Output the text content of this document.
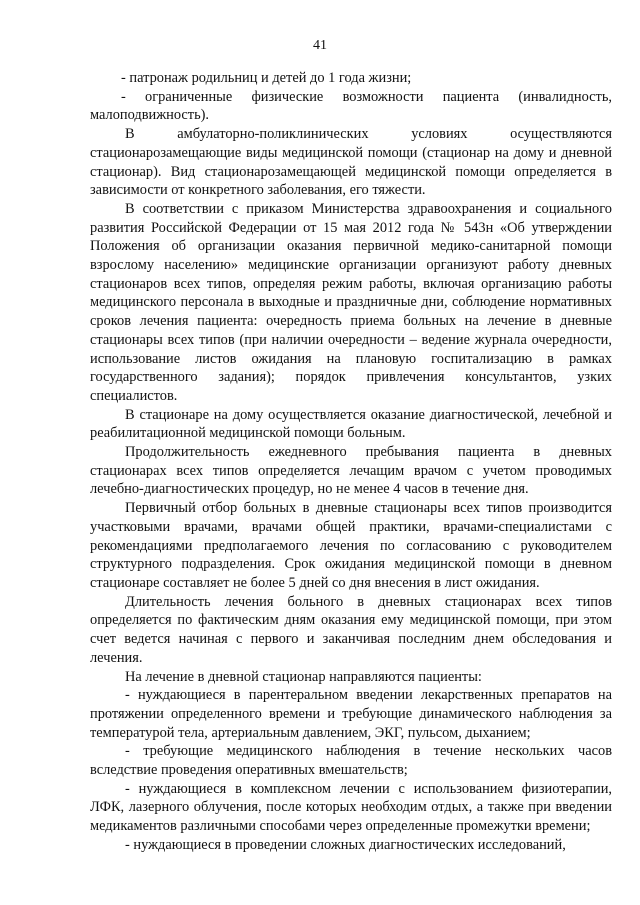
41

- патронаж родильниц и детей до 1 года жизни;

- ограниченные физические возможности пациента (инвалидность, малоподвижность).

В амбулаторно-поликлинических условиях осуществляются стационарозамещающие виды медицинской помощи (стационар на дому и дневной стационар). Вид стационарозамещающей медицинской помощи определяется в зависимости от конкретного заболевания, его тяжести.

В соответствии с приказом Министерства здравоохранения и социального развития Российской Федерации от 15 мая 2012 года № 543н «Об утверждении Положения об организации оказания первичной медико-санитарной помощи взрослому населению» медицинские организации организуют работу дневных стационаров всех типов, определяя режим работы, включая организацию работы медицинского персонала в выходные и праздничные дни, соблюдение нормативных сроков лечения пациента: очередность приема больных на лечение в дневные стационары всех типов (при наличии очередности – ведение журнала очередности, использование листов ожидания на плановую госпитализацию в рамках государственного задания); порядок привлечения консультантов, узких специалистов.

В стационаре на дому осуществляется оказание диагностической, лечебной и реабилитационной медицинской помощи больным.

Продолжительность ежедневного пребывания пациента в дневных стационарах всех типов определяется лечащим врачом с учетом проводимых лечебно-диагностических процедур, но не менее 4 часов в течение дня.

Первичный отбор больных в дневные стационары всех типов производится участковыми врачами, врачами общей практики, врачами-специалистами с рекомендациями предполагаемого лечения по согласованию с руководителем структурного подразделения. Срок ожидания медицинской помощи в дневном стационаре составляет не более 5 дней со дня внесения в лист ожидания.

Длительность лечения больного в дневных стационарах всех типов определяется по фактическим дням оказания ему медицинской помощи, при этом счет ведется начиная с первого и заканчивая последним днем обследования и лечения.

На лечение в дневной стационар направляются пациенты:

- нуждающиеся в парентеральном введении лекарственных препаратов на протяжении определенного времени и требующие динамического наблюдения за температурой тела, артериальным давлением, ЭКГ, пульсом, дыханием;

- требующие медицинского наблюдения в течение нескольких часов вследствие проведения оперативных вмешательств;

- нуждающиеся в комплексном лечении с использованием физиотерапии, ЛФК, лазерного облучения, после которых необходим отдых, а также при введении медикаментов различными способами через определенные промежутки времени;

- нуждающиеся в проведении сложных диагностических исследований,
